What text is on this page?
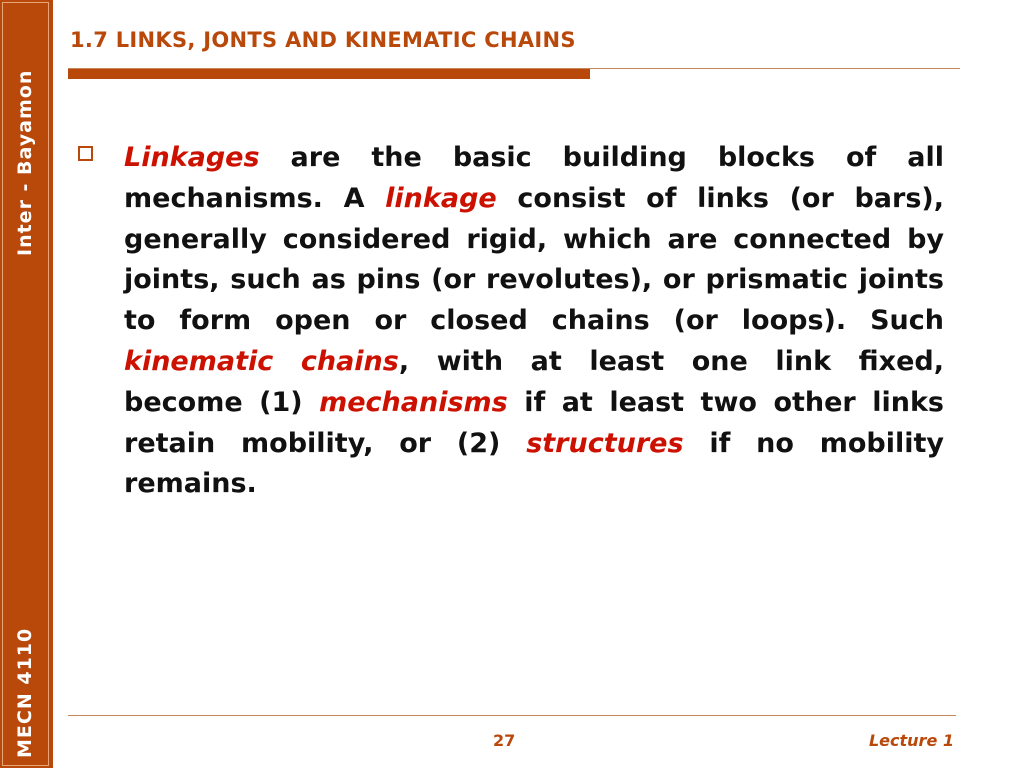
Inter - Bayamon
MECN 4110
1.7 LINKS, JONTS AND KINEMATIC CHAINS

Linkages are the basic building blocks of all mechanisms. A linkage consist of links (or bars), generally considered rigid, which are connected by joints, such as pins (or revolutes), or prismatic joints to form open or closed chains (or loops). Such kinematic chains, with at least one link fixed, become (1) mechanisms if at least two other links retain mobility, or (2) structures if no mobility remains.

27	Lecture 1
